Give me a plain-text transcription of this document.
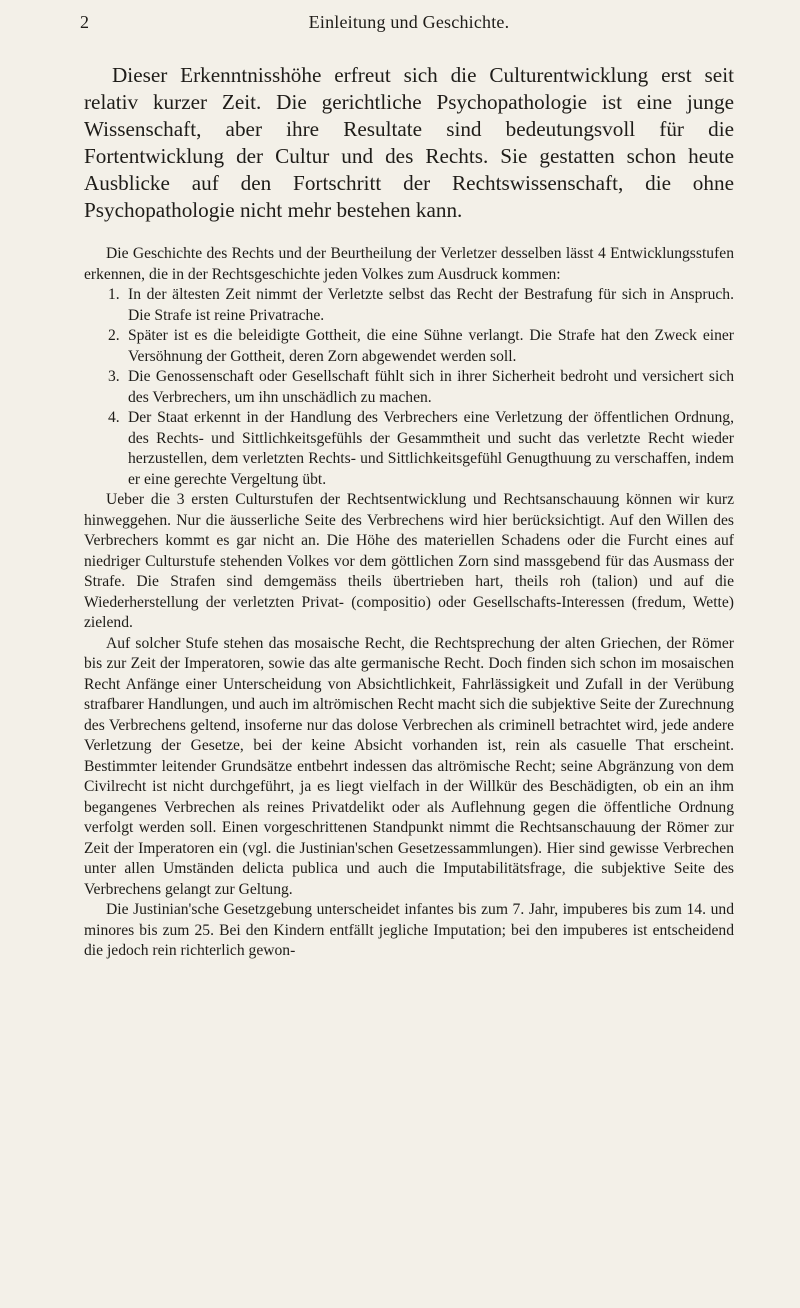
2	Einleitung und Geschichte.

Dieser Erkenntnisshöhe erfreut sich die Culturentwicklung erst seit relativ kurzer Zeit. Die gerichtliche Psychopathologie ist eine junge Wissenschaft, aber ihre Resultate sind bedeutungsvoll für die Fortentwicklung der Cultur und des Rechts. Sie gestatten schon heute Ausblicke auf den Fortschritt der Rechtswissenschaft, die ohne Psychopathologie nicht mehr bestehen kann.

Die Geschichte des Rechts und der Beurtheilung der Verletzer desselben lässt 4 Entwicklungsstufen erkennen, die in der Rechtsgeschichte jeden Volkes zum Ausdruck kommen:

1. In der ältesten Zeit nimmt der Verletzte selbst das Recht der Bestrafung für sich in Anspruch. Die Strafe ist reine Privatrache.
2. Später ist es die beleidigte Gottheit, die eine Sühne verlangt. Die Strafe hat den Zweck einer Versöhnung der Gottheit, deren Zorn abgewendet werden soll.
3. Die Genossenschaft oder Gesellschaft fühlt sich in ihrer Sicherheit bedroht und versichert sich des Verbrechers, um ihn unschädlich zu machen.
4. Der Staat erkennt in der Handlung des Verbrechers eine Verletzung der öffentlichen Ordnung, des Rechts- und Sittlichkeitsgefühls der Gesammtheit und sucht das verletzte Recht wieder herzustellen, dem verletzten Rechts- und Sittlichkeitsgefühl Genugthuung zu verschaffen, indem er eine gerechte Vergeltung übt.

Ueber die 3 ersten Culturstufen der Rechtsentwicklung und Rechtsanschauung können wir kurz hinweggehen. Nur die äusserliche Seite des Verbrechens wird hier berücksichtigt. Auf den Willen des Verbrechers kommt es gar nicht an. Die Höhe des materiellen Schadens oder die Furcht eines auf niedriger Culturstufe stehenden Volkes vor dem göttlichen Zorn sind massgebend für das Ausmass der Strafe. Die Strafen sind demgemäss theils übertrieben hart, theils roh (talion) und auf die Wiederherstellung der verletzten Privat- (compositio) oder Gesellschafts-Interessen (fredum, Wette) zielend.

Auf solcher Stufe stehen das mosaische Recht, die Rechtsprechung der alten Griechen, der Römer bis zur Zeit der Imperatoren, sowie das alte germanische Recht. Doch finden sich schon im mosaischen Recht Anfänge einer Unterscheidung von Absichtlichkeit, Fahrlässigkeit und Zufall in der Verübung strafbarer Handlungen, und auch im altrömischen Recht macht sich die subjektive Seite der Zurechnung des Verbrechens geltend, insoferne nur das dolose Verbrechen als criminell betrachtet wird, jede andere Verletzung der Gesetze, bei der keine Absicht vorhanden ist, rein als casuelle That erscheint. Bestimmter leitender Grundsätze entbehrt indessen das altrömische Recht; seine Abgränzung von dem Civilrecht ist nicht durchgeführt, ja es liegt vielfach in der Willkür des Beschädigten, ob ein an ihm begangenes Verbrechen als reines Privatdelikt oder als Auflehnung gegen die öffentliche Ordnung verfolgt werden soll. Einen vorgeschrittenen Standpunkt nimmt die Rechtsanschauung der Römer zur Zeit der Imperatoren ein (vgl. die Justinian'schen Gesetzessammlungen). Hier sind gewisse Verbrechen unter allen Umständen delicta publica und auch die Imputabilitätsfrage, die subjektive Seite des Verbrechens gelangt zur Geltung.

Die Justinian'sche Gesetzgebung unterscheidet infantes bis zum 7. Jahr, impuberes bis zum 14. und minores bis zum 25. Bei den Kindern entfällt jegliche Imputation; bei den impuberes ist entscheidend die jedoch rein richterlich gewon-
